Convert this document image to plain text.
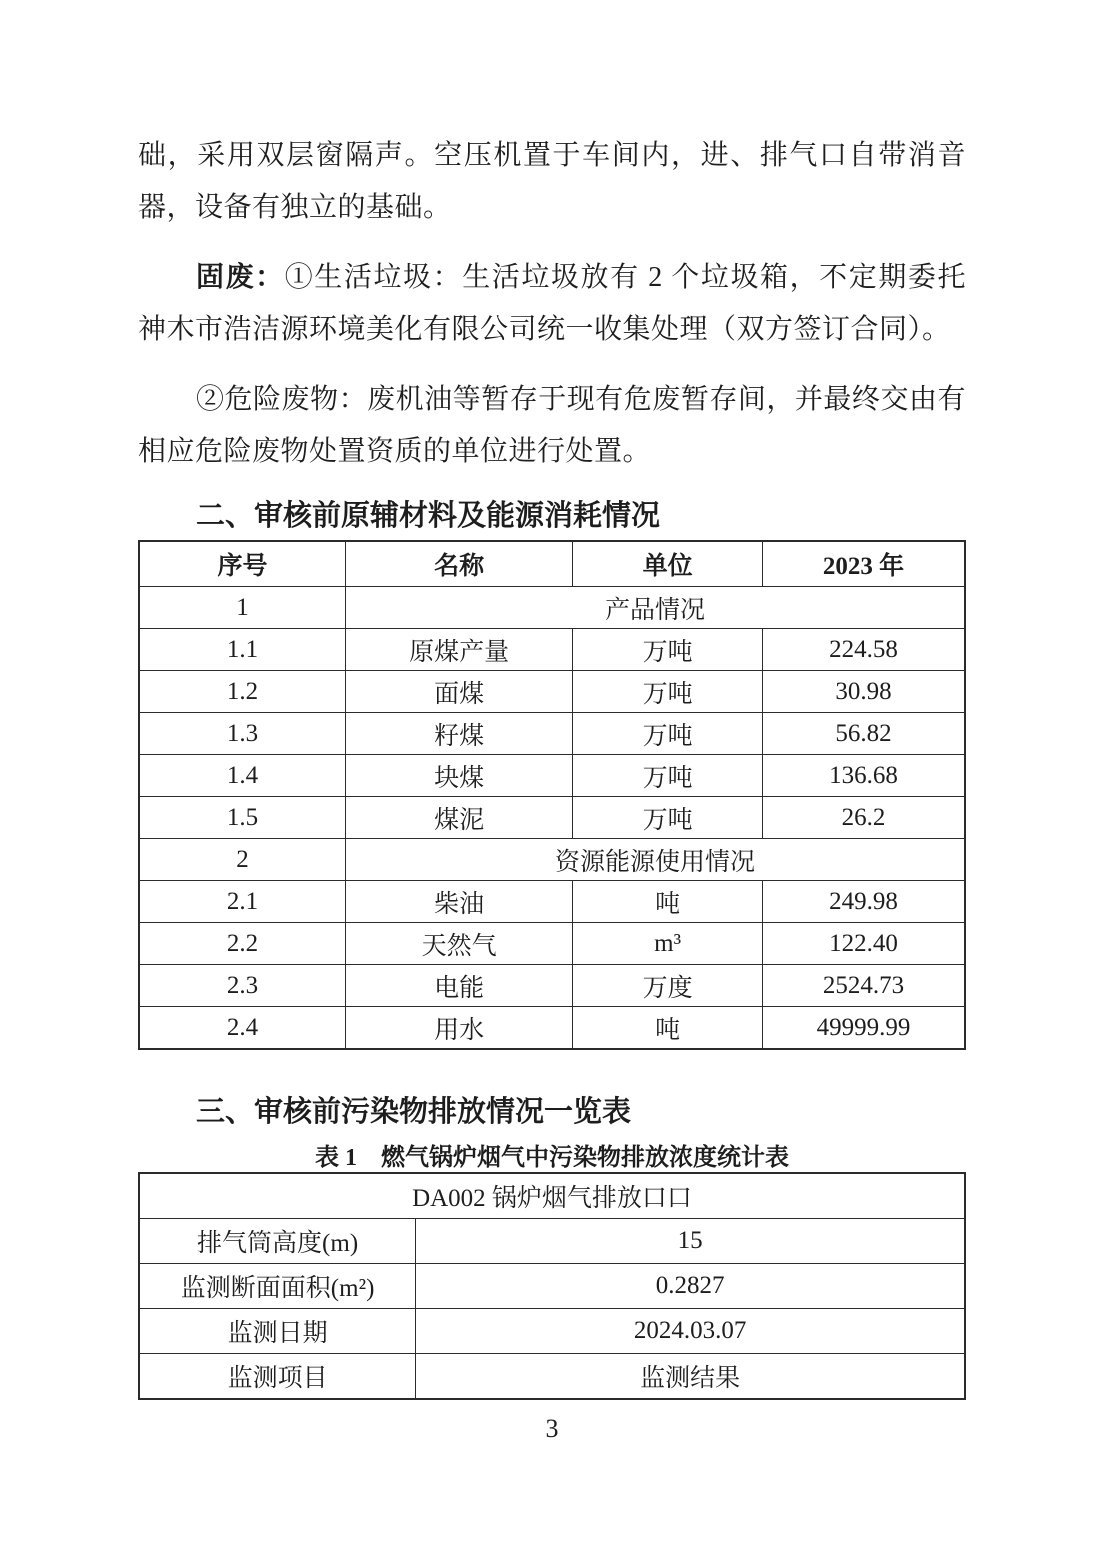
础，采用双层窗隔声。空压机置于车间内，进、排气口自带消音器，设备有独立的基础。

固废：①生活垃圾：生活垃圾放有 2 个垃圾箱，不定期委托神木市浩洁源环境美化有限公司统一收集处理（双方签订合同）。

②危险废物：废机油等暂存于现有危废暂存间，并最终交由有相应危险废物处置资质的单位进行处置。

二、审核前原辅材料及能源消耗情况
序号	名称	单位	2023 年
1	产品情况		
1.1	原煤产量	万吨	224.58
1.2	面煤	万吨	30.98
1.3	籽煤	万吨	56.82
1.4	块煤	万吨	136.68
1.5	煤泥	万吨	26.2
2	资源能源使用情况		
2.1	柴油	吨	249.98
2.2	天然气	m³	122.40
2.3	电能	万度	2524.73
2.4	用水	吨	49999.99
三、审核前污染物排放情况一览表
表 1　燃气锅炉烟气中污染物排放浓度统计表
DA002 锅炉烟气排放口口	
排气筒高度(m)	15
监测断面面积(m²)	0.2827
监测日期	2024.03.07
监测项目	监测结果
3
